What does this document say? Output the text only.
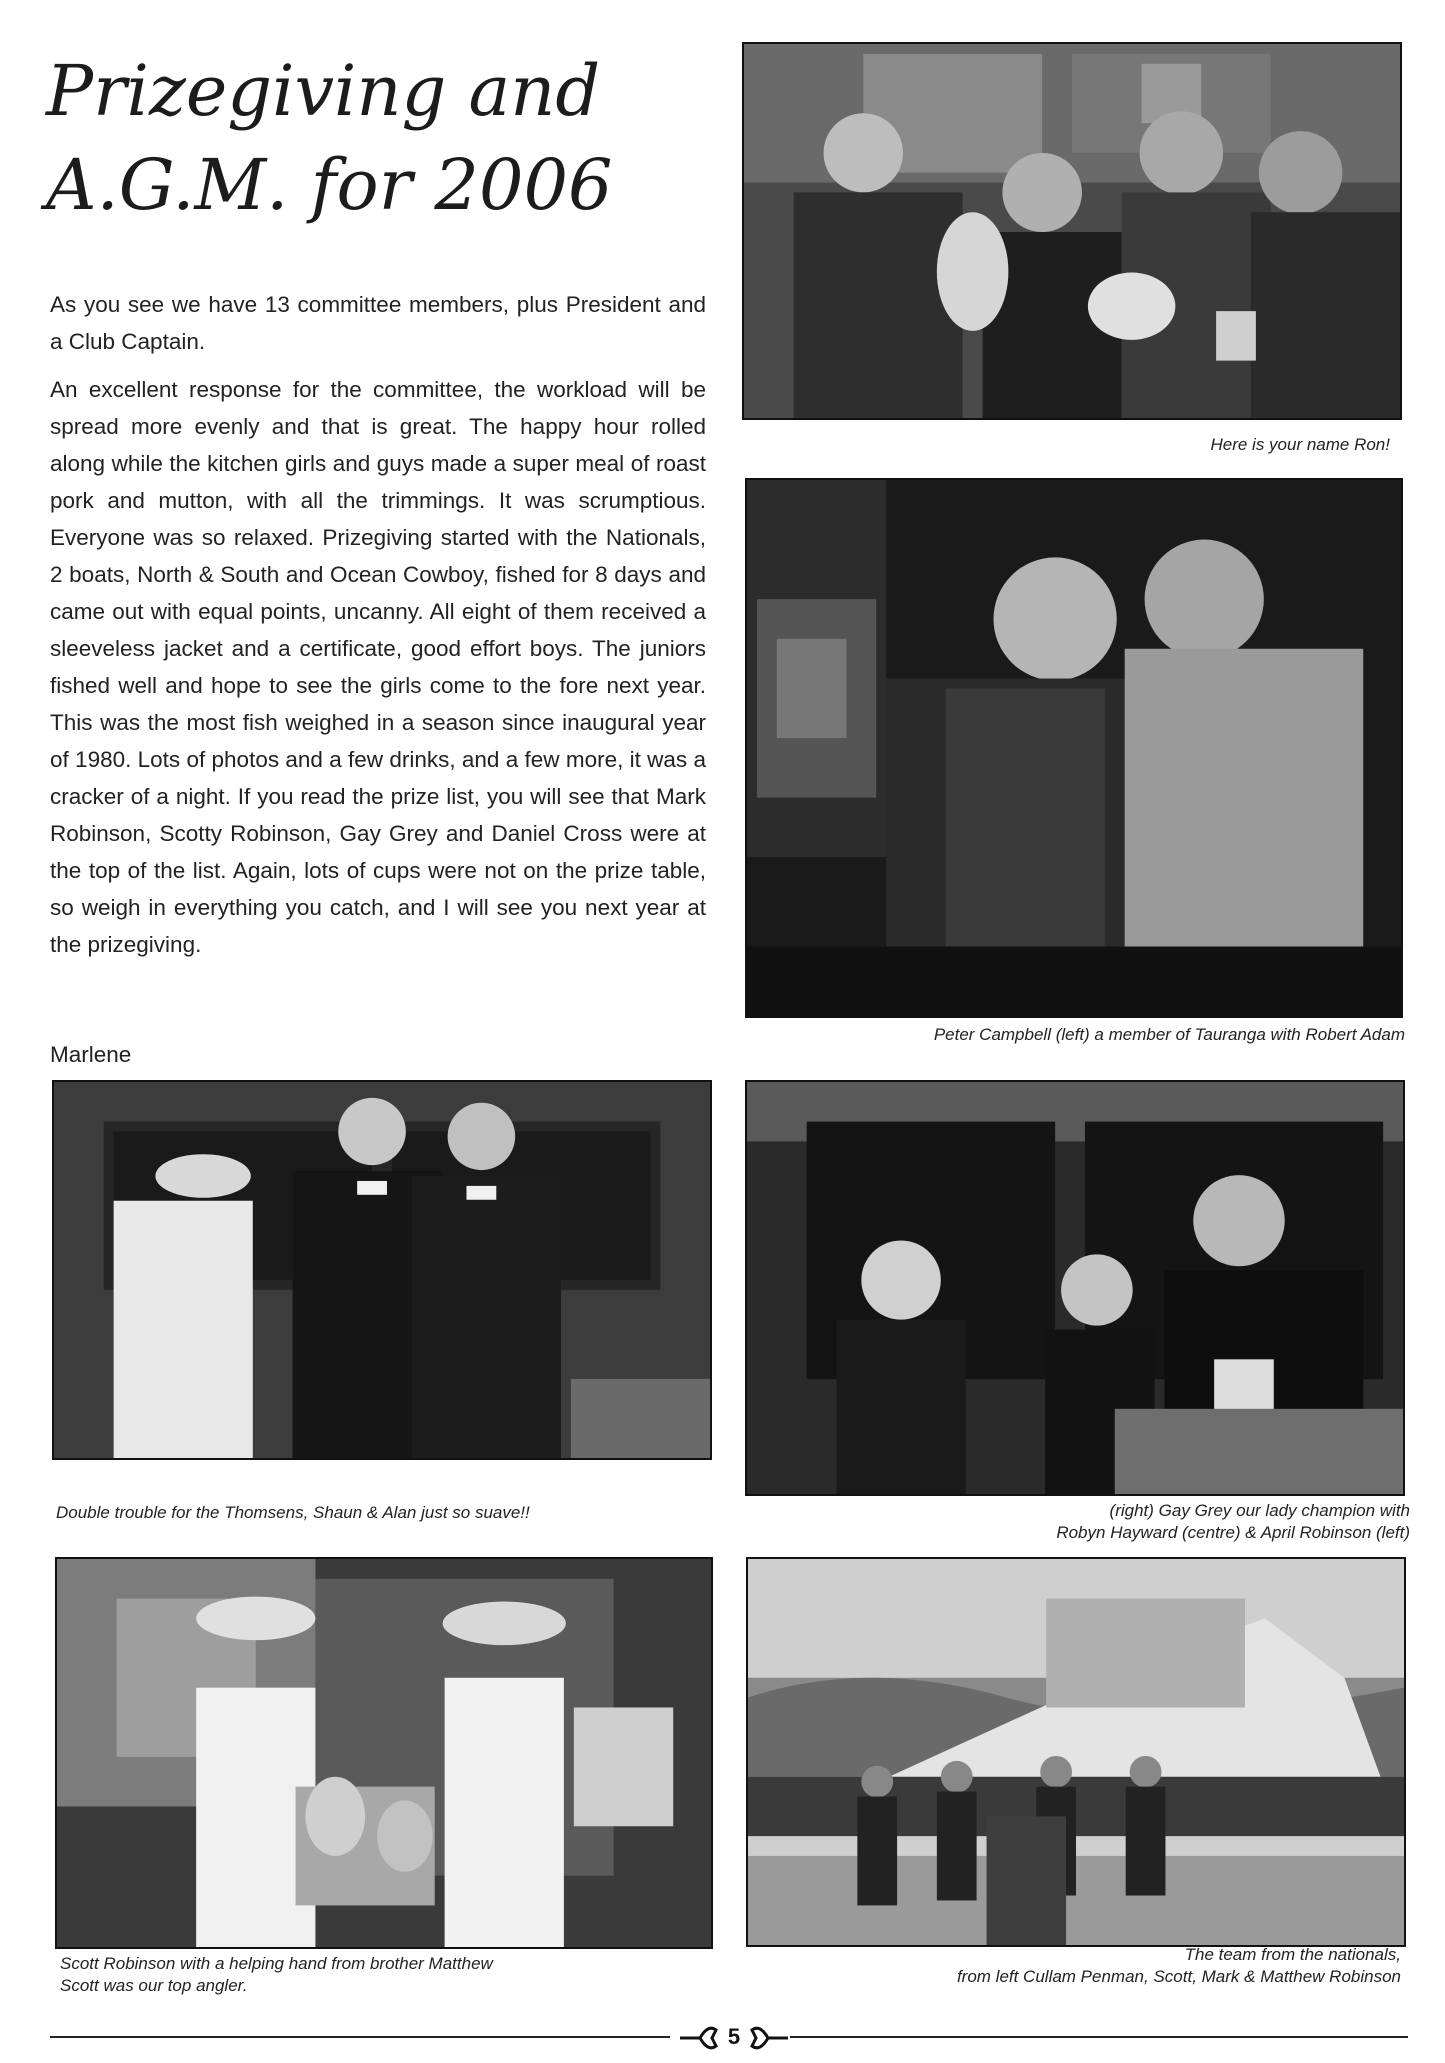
Prizegiving and
A.G.M. for 2006

As you see we have 13 committee members, plus President and a Club Captain.

An excellent response for the committee, the workload will be spread more evenly and that is great. The happy hour rolled along while the kitchen girls and guys made a super meal of roast pork and mutton, with all the trimmings. It was scrumptious. Everyone was so relaxed. Prizegiving started with the Nationals, 2 boats, North & South and Ocean Cowboy, fished for 8 days and came out with equal points, uncanny. All eight of them received a sleeveless jacket and a certificate, good effort boys. The juniors fished well and hope to see the girls come to the fore next year. This was the most fish weighed in a season since inaugural year of 1980. Lots of photos and a few drinks, and a few more, it was a cracker of a night. If you read the prize list, you will see that Mark Robinson, Scotty Robinson, Gay Grey and Daniel Cross were at the top of the list. Again, lots of cups were not on the prize table, so weigh in everything you catch, and I will see you next year at the prizegiving.

Marlene
Here is your name Ron!
Peter Campbell (left) a member of Tauranga with Robert Adam
Double trouble for the Thomsens, Shaun & Alan just so suave!!	(right) Gay Grey our lady champion with
Robyn Hayward (centre) & April Robinson (left)
Scott Robinson with a helping hand from brother Matthew
Scott was our top angler.
The team from the nationals,
from left Cullam Penman, Scott, Mark & Matthew Robinson
5
